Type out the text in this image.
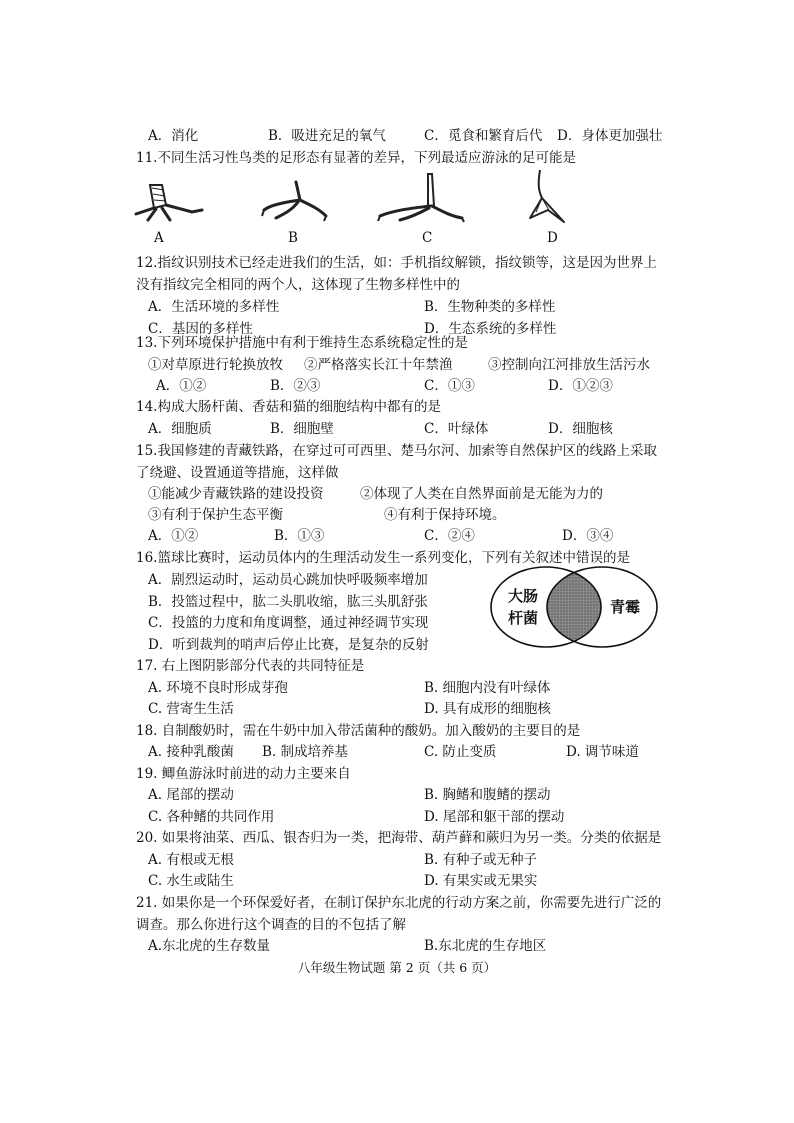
A．消化	B．吸进充足的氧气	C．觅食和繁育后代 D．身体更加强壮
11.不同生活习性鸟类的足形态有显著的差异，下列最适应游泳的足可能是
A	B	C	D
12.指纹识别技术已经走进我们的生活，如：手机指纹解锁，指纹锁等，这是因为世界上
没有指纹完全相同的两个人，这体现了生物多样性中的
A．生活环境的多样性	B．生物种类的多样性
C．基因的多样性	D．生态系统的多样性
13.下列环境保护措施中有利于维持生态系统稳定性的是
①对草原进行轮换放牧 ②严格落实长江十年禁渔	③控制向江河排放生活污水
A．①②	B．②③	C．①③	D．①②③
14.构成大肠杆菌、香菇和猫的细胞结构中都有的是
A．细胞质	B．细胞壁	C．叶绿体	D．细胞核
15.我国修建的青藏铁路，在穿过可可西里、楚马尔河、加索等自然保护区的线路上采取
了绕避、设置通道等措施，这样做
①能减少青藏铁路的建设投资	②体现了人类在自然界面前是无能为力的
③有利于保护生态平衡	④有利于保持环境。
A．①②	B．①③	C．②④	D．③④
16.篮球比赛时，运动员体内的生理活动发生一系列变化，下列有关叙述中错误的是
A．剧烈运动时，运动员心跳加快呼吸频率增加
B．投篮过程中，肱二头肌收缩，肱三头肌舒张
C．投篮的力度和角度调整，通过神经调节实现
D．听到裁判的哨声后停止比赛，是复杂的反射
大肠
杆菌
青霉
17. 右上图阴影部分代表的共同特征是
A. 环境不良时形成芽孢	B. 细胞内没有叶绿体
C. 营寄生生活	D. 具有成形的细胞核
18. 自制酸奶时，需在牛奶中加入带活菌种的酸奶。加入酸奶的主要目的是
A. 接种乳酸菌 B. 制成培养基	C. 防止变质	D. 调节味道
19. 鲫鱼游泳时前进的动力主要来自
A. 尾部的摆动	B. 胸鳍和腹鳍的摆动
C. 各种鳍的共同作用	D. 尾部和躯干部的摆动
20. 如果将油菜、西瓜、银杏归为一类，把海带、葫芦藓和蕨归为另一类。分类的依据是
A. 有根或无根	B. 有种子或无种子
C. 水生或陆生	D. 有果实或无果实
21. 如果你是一个环保爱好者，在制订保护东北虎的行动方案之前，你需要先进行广泛的
调查。那么你进行这个调查的目的不包括了解
A.东北虎的生存数量	B.东北虎的生存地区
八年级生物试题 第 2 页（共 6 页）
